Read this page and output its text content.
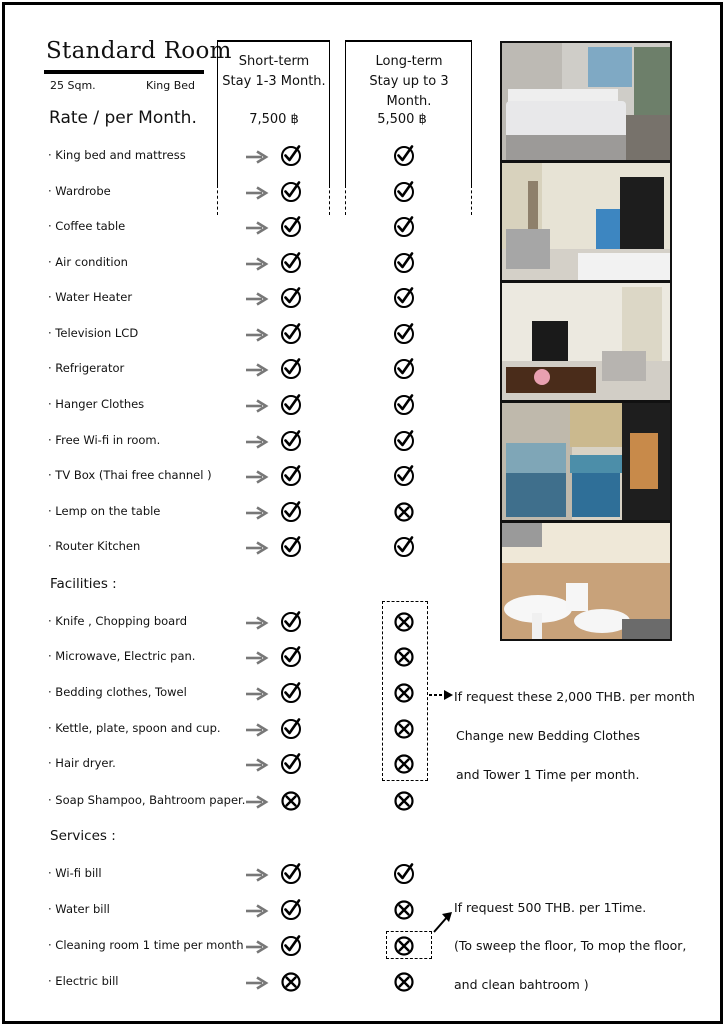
Standard Room
25 Sqm.	King Bed
Rate / per Month.
Short-term
Stay 1-3 Month.
7,500 ฿
Long-term
Stay up to 3 Month.
5,500 ฿
· King bed and mattress
· Wardrobe
· Coffee table
· Air condition
· Water Heater
· Television LCD
· Refrigerator
· Hanger Clothes
· Free Wi-fi in room.
· TV Box (Thai free channel )
· Lemp on the table
· Router Kitchen
· Knife , Chopping board
· Microwave, Electric pan.
· Bedding clothes, Towel
· Kettle, plate, spoon and cup.
· Hair dryer.
· Soap Shampoo, Bahtroom paper.
· Wi-fi bill
· Water bill
· Cleaning room 1 time per month
· Electric bill
Facilities :
Services :
If request these 2,000 THB. per month
Change new Bedding Clothes
and Tower 1 Time per month.
If request 500 THB. per 1Time.
(To sweep the floor, To mop the floor,
and clean bahtroom )
